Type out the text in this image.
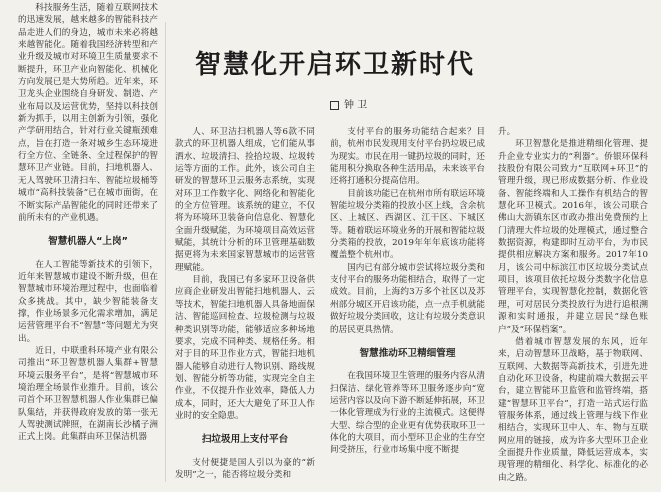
科技服务生活，随着互联网技术的迅速发展，越来越多的智能科技产品走进人们的身边，城市未来必将越来越智能化。随着我国经济转型和产业升级及城市对环境卫生质量要求不断提升，环卫产业向智能化、机械化方向发展已是大势所趋。近年来，环卫龙头企业围绕自身研发、制造、产业布局以及运营优势，坚持以科技创新为抓手，以用主创新为引领，强化产学研用结合，针对行业关键瓶颈难点，旨在打造一条对城乡生态环境进行全方位、全链条、全过程保护的智慧环卫产业链。目前，扫地机器人、无人驾驶环卫清扫车、智能垃圾桶等城市“高科技装备”已在城市面街，在不断实际产品智能化的同时还带来了前所未有的产业机遇。

智慧机器人“上岗”

在人工智能等新技术的引领下，近年来智慧城市建设不断升级，但在智慧城市环境治理过程中，也面临着众多挑战。其中，缺少智能装备支撑，作业场景多元化需求增加，满足运营管理平台不“智慧”等问题尤为突出。

近日，中联重科环境产业有限公司推出“环卫智慧机器人集群+智慧环境云服务平台”，是将“智慧城市环境治理全场景作业推升。目前，该公司首个环卫智慧机器人作业集群已偏队集结，并获得政府发放的第一张无人驾驶测试牌照，在湖南长沙橘子洲正式上岗。此集群由环卫保洁机器

智慧化开启环卫新时代
钟 卫

人、环卫洁扫机器人等6款不同款式的环卫机器人组成，它们能从事洒水、垃圾清扫、捡拾垃圾、垃圾转运等方面的工作。此外，该公司自主研发的智慧环卫云服务志系统，实现对环卫工作数字化、网络化和智能化的全方位管理。该系统的建立，不仅将为环境环卫装备向信息化、智慧化全面升级赋能，为环境项目高效运营赋能，其统计分析的环卫管理基础数据更将为未来国家智慧城市的运营管理赋能。

目前，我国已有多家环卫设备供应商企业研发出智能扫地机器人、云等技术，智能扫地机器人具备地面保洁、智能巡回检查、垃圾检测与垃圾种类识别等功能，能够适应多种场地要求，完成不同种类、规格任务。相对于目的环卫作业方式，智能扫地机器人能够自动进行人物识别、路线规划、智能分析等功能，实现完全自主作业，不仅提升作业效率，降低人力成本，同时，还大大避免了环卫人作业时的安全隐患。

扫垃圾用上支付平台

支付便捷是国人引以为豪的“新发明”之一，能否将垃圾分类和

支付平台的服务功能结合起来？目前，杭州市民发现用支付平台扔垃圾已成为现实。市民在用一键扔垃圾的同时，还能用积分换取各种生活用品，未来该平台还将打通积分提高信用。

目前该功能已在杭州市所有联运环境智能垃圾分类箱的投放小区上线，含余杭区、上城区、西湖区、江干区、下城区等。随着联运环境业务的开展和智能垃圾分类箱的投放，2019年年年底该功能将覆盖整个杭州市。

国内已有部分城市尝试将垃圾分类和支付平台的服务功能相结合，取得了一定成效。目前，上海约3万多个社区以及苏州部分城区开启该功能，点一点手机就能做好垃圾分类回收，这让有垃圾分类意识的居民更具热情。

智慧推动环卫精细管理

在我国环境卫生管理的服务内容从清扫保洁、绿化管养等环卫服务逐步向“宽运营内容以及向下游不断延伸拓展，环卫一体化管理成为行业的主流模式。这便得大型、综合型的企业更有优势获取环卫一体化的大项目，而小型环卫企业的生存空间受挤压，行业市场集中度不断提

升。

环卫智慧化是推进精细化管理、提升企业专业实力的“利器”。侨银环保科技股份有限公司致力“互联网+环卫”的管理升级，现已形成数据分析、作业设备、智能终端和人工操作有机结合的智慧化环卫模式。2016年，该公司联合佛山大沥镇东区市政办推出免费预约上门清理大件垃圾的处理模式，通过整合数据资源，构建即时互动平台，为市民提供相应解决方案和服务。2017年10月，该公司中标滨江市区垃圾分类试点项目，该项目依托垃圾分类数字化信息管理平台，实现智慧化控制，数据化管理，可对居民分类投放行为进行追根溯源和实时通报，并建立居民“绿色账户”及“环保档案”。

借着城市智慧发展的东风，近年来，启动智慧环卫战略，基于物联网、互联网、大数据等高新技术，引进先进自动化环卫设备，构建前端大数据云平台，建立智能环卫监管和监管终端，搭建“智慧环卫平台”，打造一站式运行监管服务体系，通过线上管理与线下作业相结合，实现环卫中人、车、物与互联网应用的链接，成为许多大型环卫企业全面提升作业质量，降低运营成本，实现管理的精细化、科学化、标准化的必由之路。
